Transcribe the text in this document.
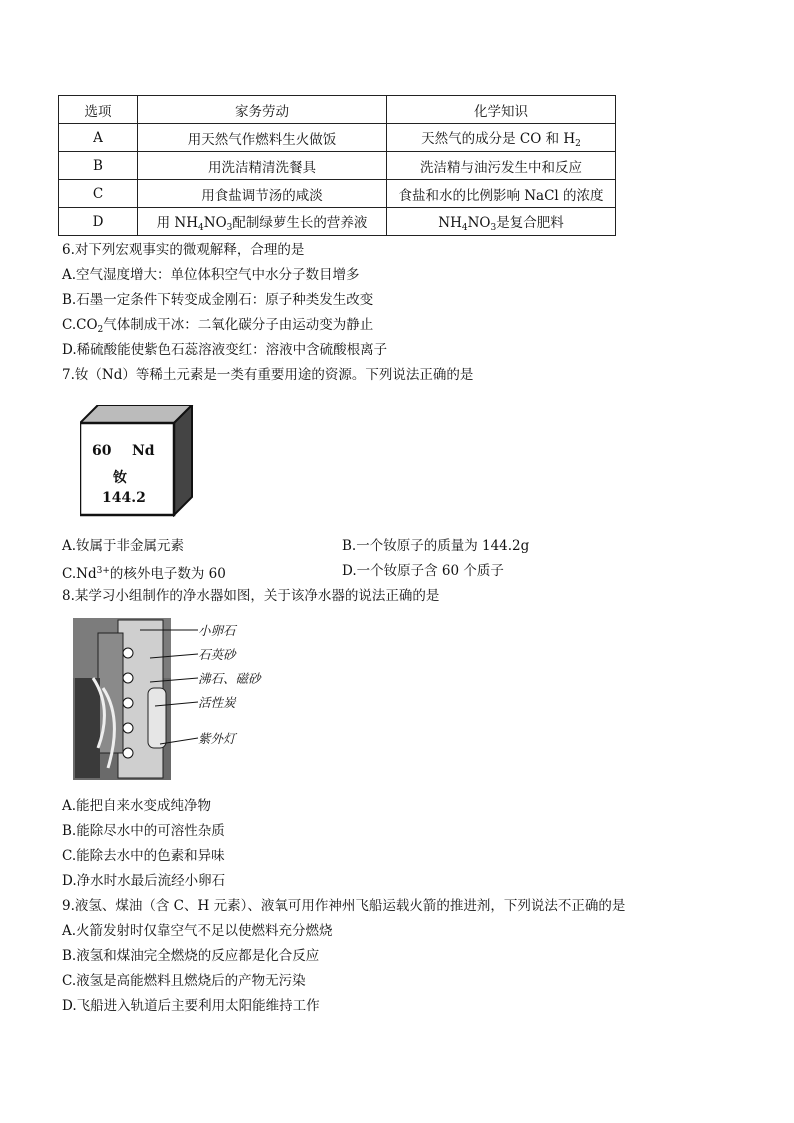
选项	家务劳动	化学知识
A	用天然气作燃料生火做饭	天然气的成分是 CO 和 $H_2$
B	用洗洁精清洗餐具	洗洁精与油污发生中和反应
C	用食盐调节汤的咸淡	食盐和水的比例影响 NaCl 的浓度
D	用 $NH_4NO_3$配制绿萝生长的营养液	$NH_4NO_3$是复合肥料
6.对下列宏观事实的微观解释，合理的是
A.空气湿度增大：单位体积空气中水分子数目增多
B.石墨一定条件下转变成金刚石：原子种类发生改变
$C.CO_2$气体制成干冰：二氧化碳分子由运动变为静止
D.稀硫酸能使紫色石蕊溶液变红：溶液中含硫酸根离子
7.钕（Nd）等稀土元素是一类有重要用途的资源。下列说法正确的是
60 Nd
钕
144.2
A.钕属于非金属元素	B.一个钕原子的质量为 144.2g
$C.Nd^{3+}$的核外电子数为 60	D.一个钕原子含 60 个质子
8.某学习小组制作的净水器如图，关于该净水器的说法正确的是
小卵石
石英砂
沸石、磁砂
活性炭
紫外灯
A.能把自来水变成纯净物
B.能除尽水中的可溶性杂质
C.能除去水中的色素和异味
D.净水时水最后流经小卵石
9.液氢、煤油（含 C、H 元素）、液氧可用作神州飞船运载火箭的推进剂，下列说法不正确的是
A.火箭发射时仅靠空气不足以使燃料充分燃烧
B.液氢和煤油完全燃烧的反应都是化合反应
C.液氢是高能燃料且燃烧后的产物无污染
D.飞船进入轨道后主要利用太阳能维持工作
